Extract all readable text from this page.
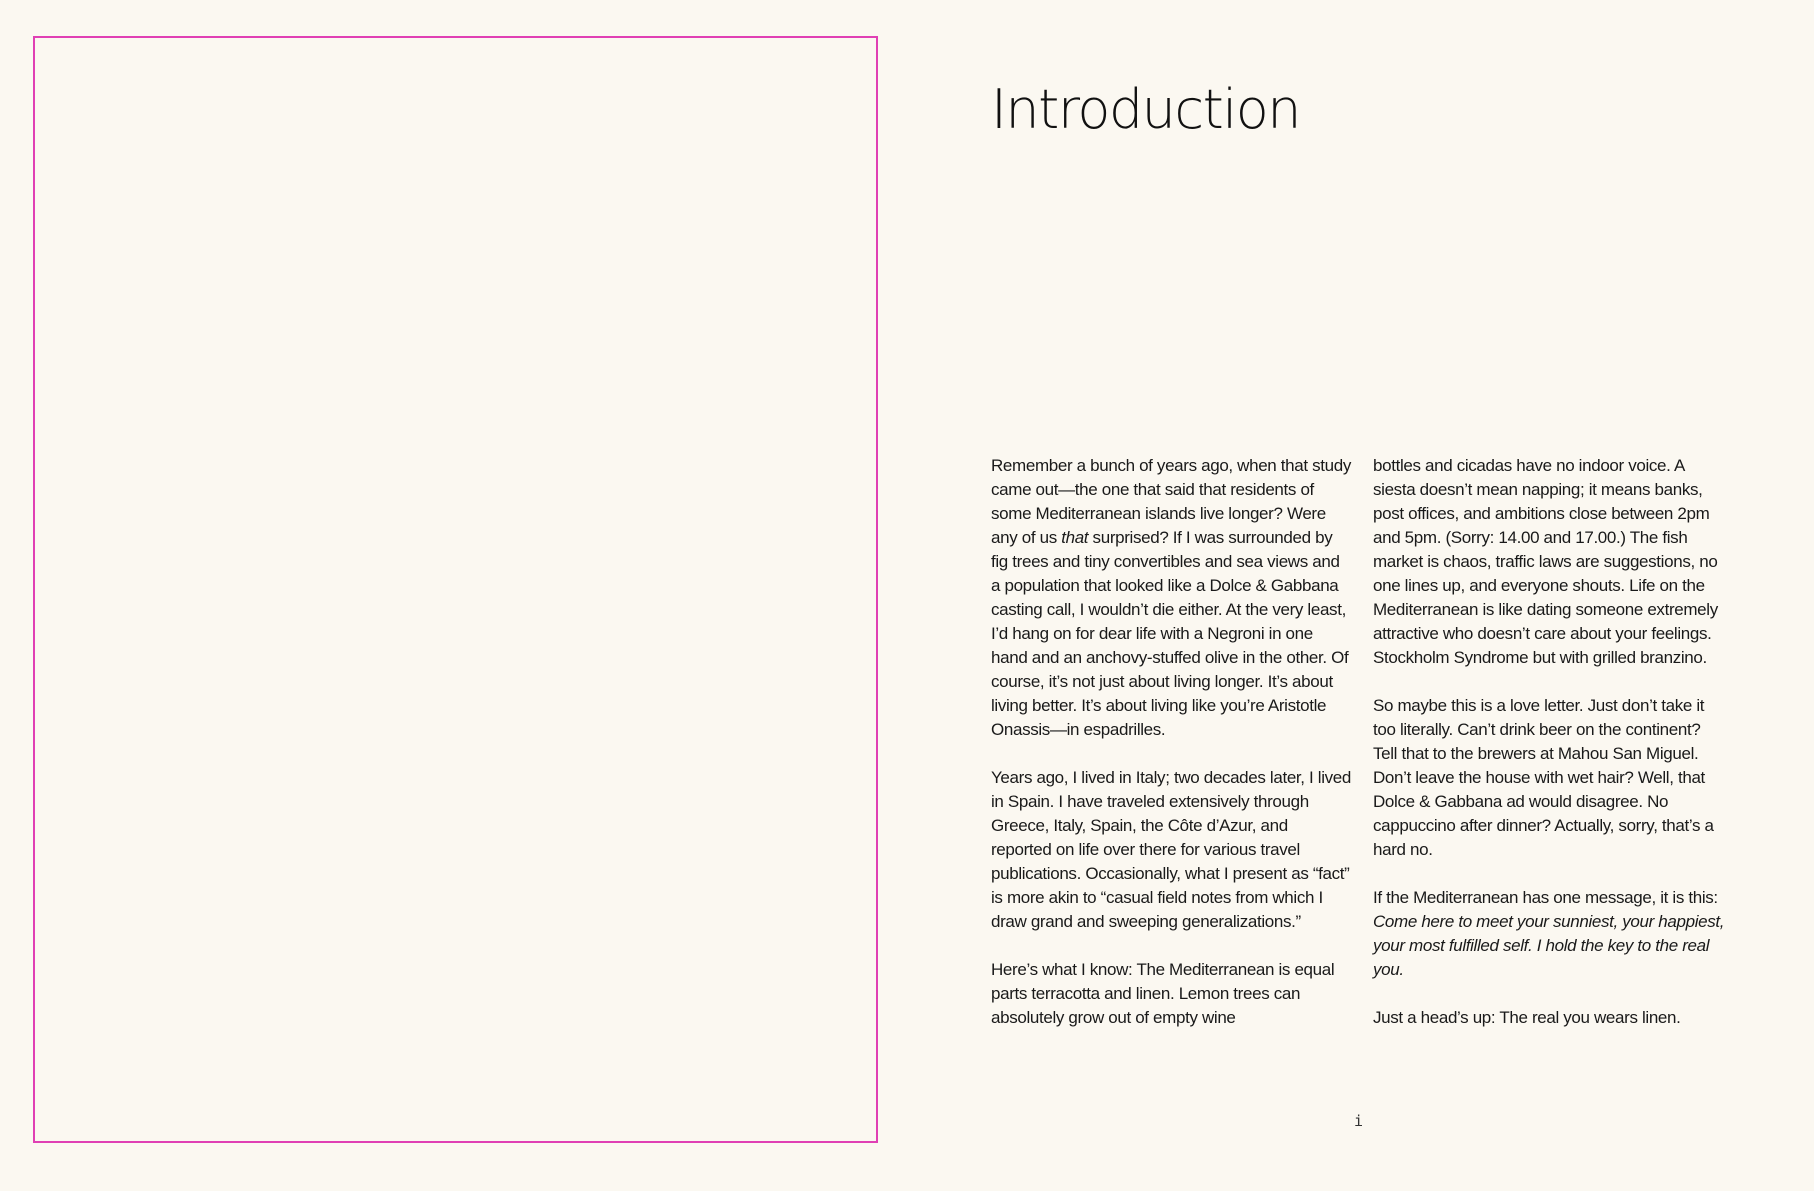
Introduction

Remember a bunch of years ago, when that study came out—the one that said that residents of some Mediterranean islands live longer? Were any of us that surprised? If I was surrounded by fig trees and tiny convertibles and sea views and a population that looked like a Dolce & Gabbana casting call, I wouldn’t die either. At the very least, I’d hang on for dear life with a Negroni in one hand and an anchovy-stuffed olive in the other. Of course, it’s not just about living longer. It’s about living better. It’s about living like you’re Aristotle Onassis—in espadrilles.

Years ago, I lived in Italy; two decades later, I lived in Spain. I have traveled extensively through Greece, Italy, Spain, the Côte d’Azur, and reported on life over there for various travel publications. Occasionally, what I present as “fact” is more akin to “casual field notes from which I draw grand and sweeping generalizations.”

Here’s what I know: The Mediterranean is equal parts terracotta and linen. Lemon trees can absolutely grow out of empty wine

bottles and cicadas have no indoor voice. A siesta doesn’t mean napping; it means banks, post offices, and ambitions close between 2pm and 5pm. (Sorry: 14.00 and 17.00.) The fish market is chaos, traffic laws are suggestions, no one lines up, and everyone shouts. Life on the Mediterranean is like dating someone extremely attractive who doesn’t care about your feelings. Stockholm Syndrome but with grilled branzino.

So maybe this is a love letter. Just don’t take it too literally. Can’t drink beer on the continent? Tell that to the brewers at Mahou San Miguel. Don’t leave the house with wet hair? Well, that Dolce & Gabbana ad would disagree. No cappuccino after dinner? Actually, sorry, that’s a hard no.

If the Mediterranean has one message, it is this: Come here to meet your sunniest, your happiest, your most fulfilled self. I hold the key to the real you.

Just a head’s up: The real you wears linen.

i
